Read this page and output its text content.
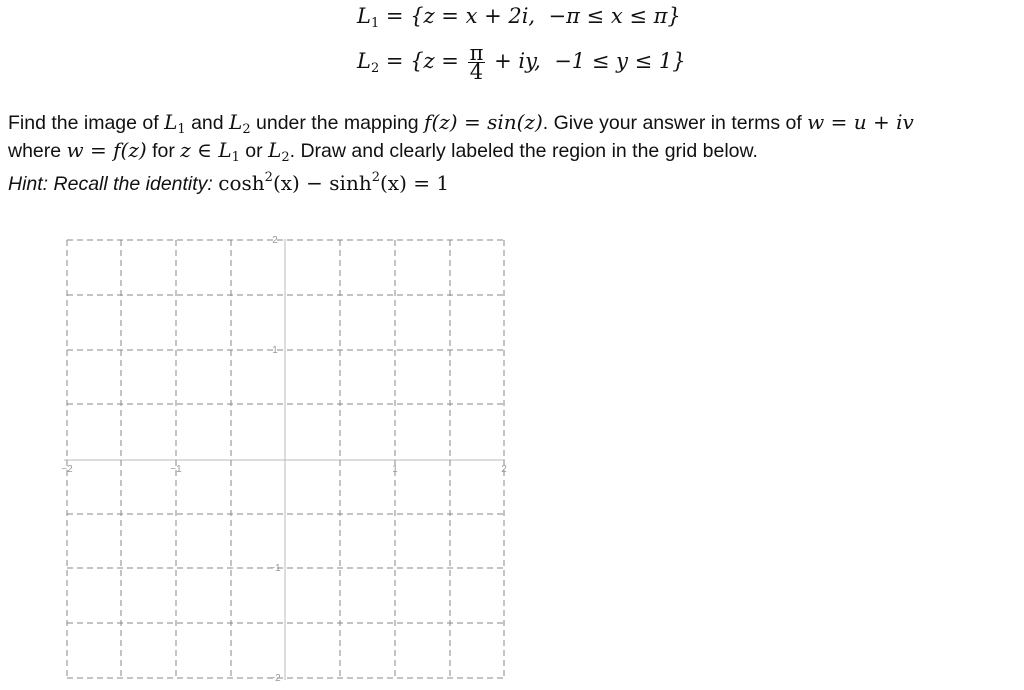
$L_1 = \{z = x + 2i$, −π ≤ x ≤ π}
$L_2 = \{z = \frac{\pi}{4}$ + iy, −1 ≤ y ≤ 1}
Find the image of $L_1$ and $L_2$ under the mapping f(z) = sin(z). Give your answer in terms of w = u + iv
where w = f(z) for z ∈ $L_1$ or $L_2$. Draw and clearly labeled the region in the grid below.
Hint: Recall the identity: $\cosh^2(x) - \sinh^2(x) = 1$
−2	−1	1	2
2
1
−1
−2
